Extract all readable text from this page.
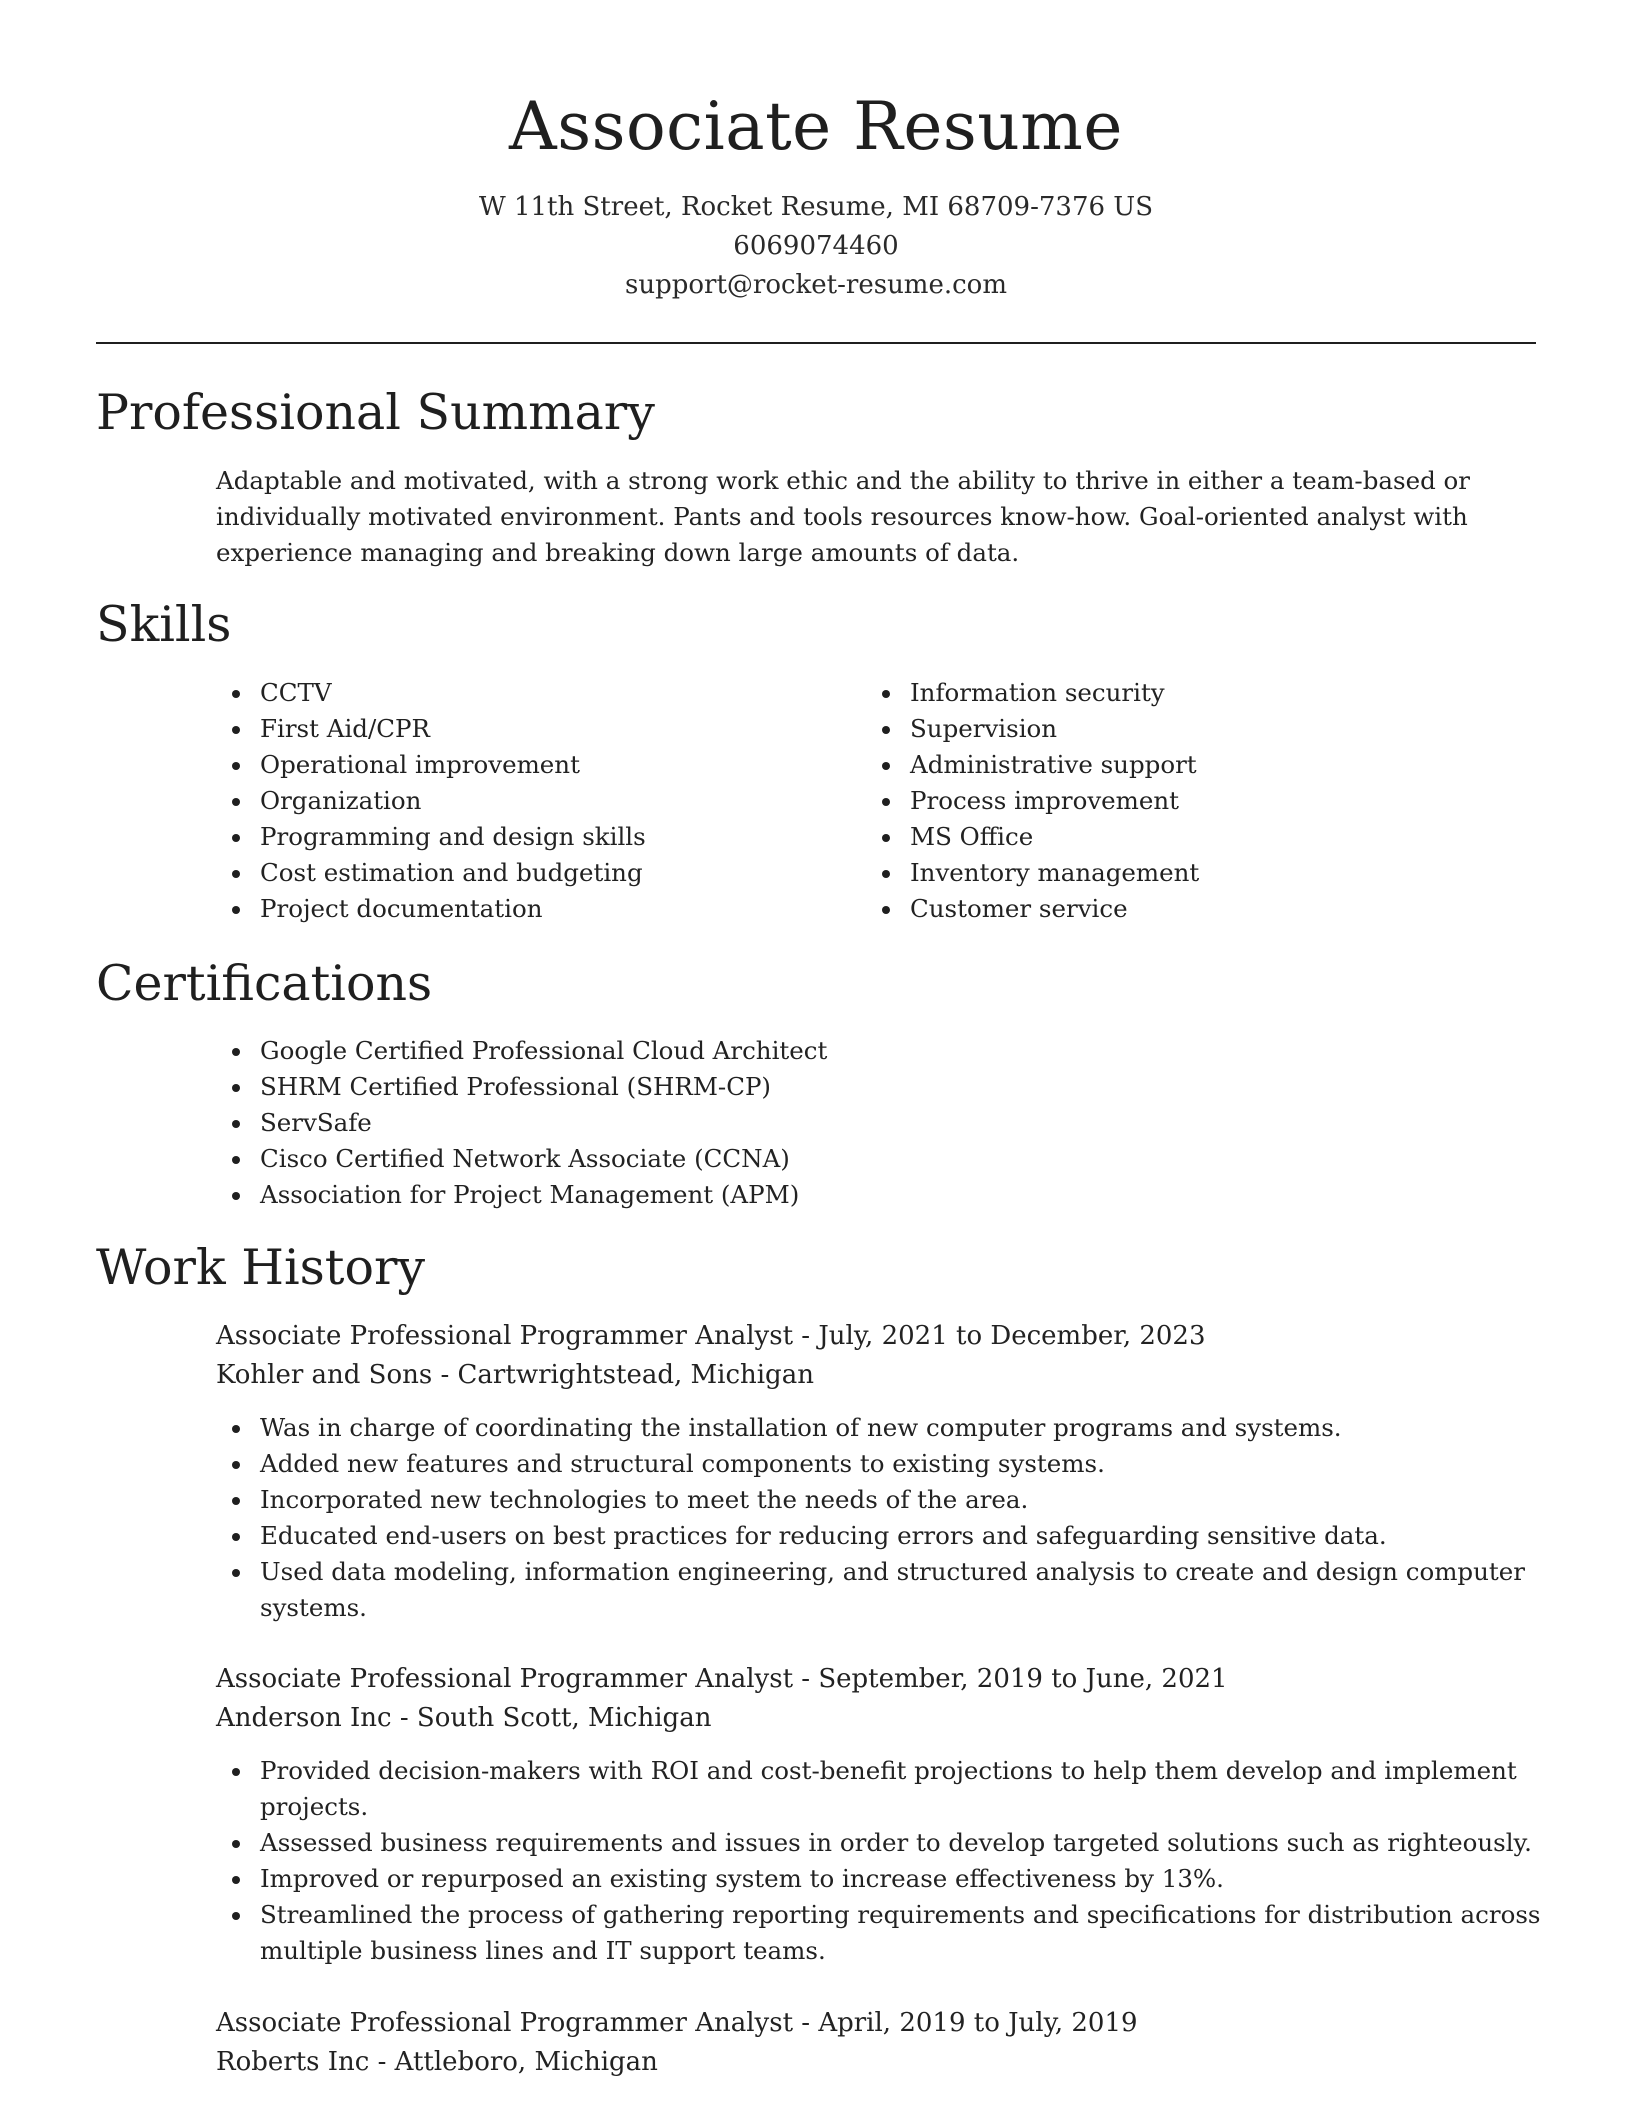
Associate Resume
W 11th Street, Rocket Resume, MI 68709-7376 US
6069074460
support@rocket-resume.com
Professional Summary
Adaptable and motivated, with a strong work ethic and the ability to thrive in either a team-based or individually motivated environment. Pants and tools resources know-how. Goal-oriented analyst with experience managing and breaking down large amounts of data.
Skills
CCTV
First Aid/CPR
Operational improvement
Organization
Programming and design skills
Cost estimation and budgeting
Project documentation
Information security
Supervision
Administrative support
Process improvement
MS Office
Inventory management
Customer service
Certifications
Google Certified Professional Cloud Architect
SHRM Certified Professional (SHRM-CP)
ServSafe
Cisco Certified Network Associate (CCNA)
Association for Project Management (APM)
Work History
Associate Professional Programmer Analyst - July, 2021 to December, 2023
Kohler and Sons - Cartwrightstead, Michigan
Was in charge of coordinating the installation of new computer programs and systems.
Added new features and structural components to existing systems.
Incorporated new technologies to meet the needs of the area.
Educated end-users on best practices for reducing errors and safeguarding sensitive data.
Used data modeling, information engineering, and structured analysis to create and design computer systems.
Associate Professional Programmer Analyst - September, 2019 to June, 2021
Anderson Inc - South Scott, Michigan
Provided decision-makers with ROI and cost-benefit projections to help them develop and implement projects.
Assessed business requirements and issues in order to develop targeted solutions such as righteously.
Improved or repurposed an existing system to increase effectiveness by 13%.
Streamlined the process of gathering reporting requirements and specifications for distribution across multiple business lines and IT support teams.
Associate Professional Programmer Analyst - April, 2019 to July, 2019
Roberts Inc - Attleboro, Michigan
